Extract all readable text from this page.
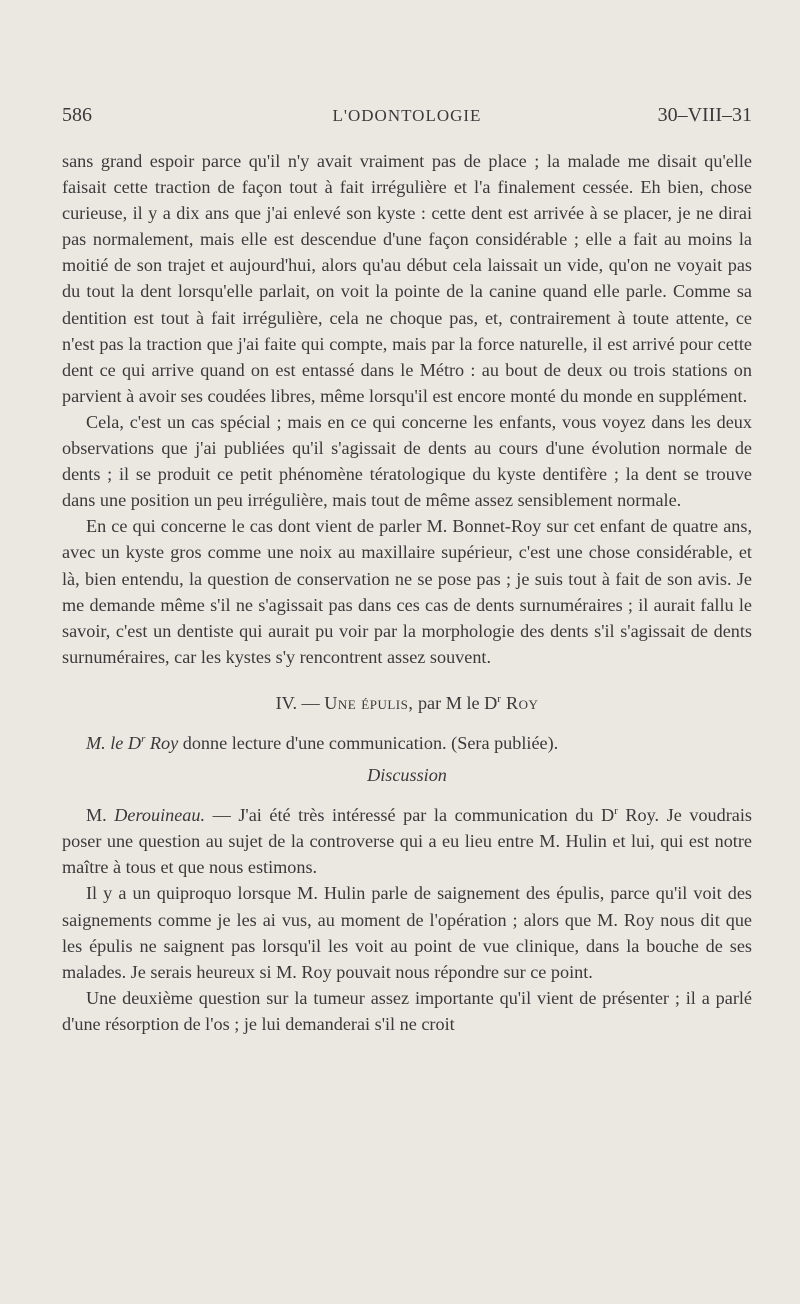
586	L'ODONTOLOGIE	30–VIII–31

sans grand espoir parce qu'il n'y avait vraiment pas de place ; la malade me disait qu'elle faisait cette traction de façon tout à fait irrégulière et l'a finalement cessée. Eh bien, chose curieuse, il y a dix ans que j'ai enlevé son kyste : cette dent est arrivée à se placer, je ne dirai pas normalement, mais elle est descendue d'une façon considérable ; elle a fait au moins la moitié de son trajet et aujourd'hui, alors qu'au début cela laissait un vide, qu'on ne voyait pas du tout la dent lorsqu'elle parlait, on voit la pointe de la canine quand elle parle. Comme sa dentition est tout à fait irrégulière, cela ne choque pas, et, contrairement à toute attente, ce n'est pas la traction que j'ai faite qui compte, mais par la force naturelle, il est arrivé pour cette dent ce qui arrive quand on est entassé dans le Métro : au bout de deux ou trois stations on parvient à avoir ses coudées libres, même lorsqu'il est encore monté du monde en supplément.

Cela, c'est un cas spécial ; mais en ce qui concerne les enfants, vous voyez dans les deux observations que j'ai publiées qu'il s'agissait de dents au cours d'une évolution normale de dents ; il se produit ce petit phénomène tératologique du kyste dentifère ; la dent se trouve dans une position un peu irrégulière, mais tout de même assez sensiblement normale.

En ce qui concerne le cas dont vient de parler M. Bonnet-Roy sur cet enfant de quatre ans, avec un kyste gros comme une noix au maxillaire supérieur, c'est une chose considérable, et là, bien entendu, la question de conservation ne se pose pas ; je suis tout à fait de son avis. Je me demande même s'il ne s'agissait pas dans ces cas de dents surnuméraires ; il aurait fallu le savoir, c'est un dentiste qui aurait pu voir par la morphologie des dents s'il s'agissait de dents surnuméraires, car les kystes s'y rencontrent assez souvent.

IV. — Une épulis, par M le $D^r$ Roy

M. le $D^r$ Roy donne lecture d'une communication. (Sera publiée).

Discussion

M. Derouineau. — J'ai été très intéressé par la communication du $D^r$ Roy. Je voudrais poser une question au sujet de la controverse qui a eu lieu entre M. Hulin et lui, qui est notre maître à tous et que nous estimons.

Il y a un quiproquo lorsque M. Hulin parle de saignement des épulis, parce qu'il voit des saignements comme je les ai vus, au moment de l'opération ; alors que M. Roy nous dit que les épulis ne saignent pas lorsqu'il les voit au point de vue clinique, dans la bouche de ses malades. Je serais heureux si M. Roy pouvait nous répondre sur ce point.

Une deuxième question sur la tumeur assez importante qu'il vient de présenter ; il a parlé d'une résorption de l'os ; je lui demanderai s'il ne croit
